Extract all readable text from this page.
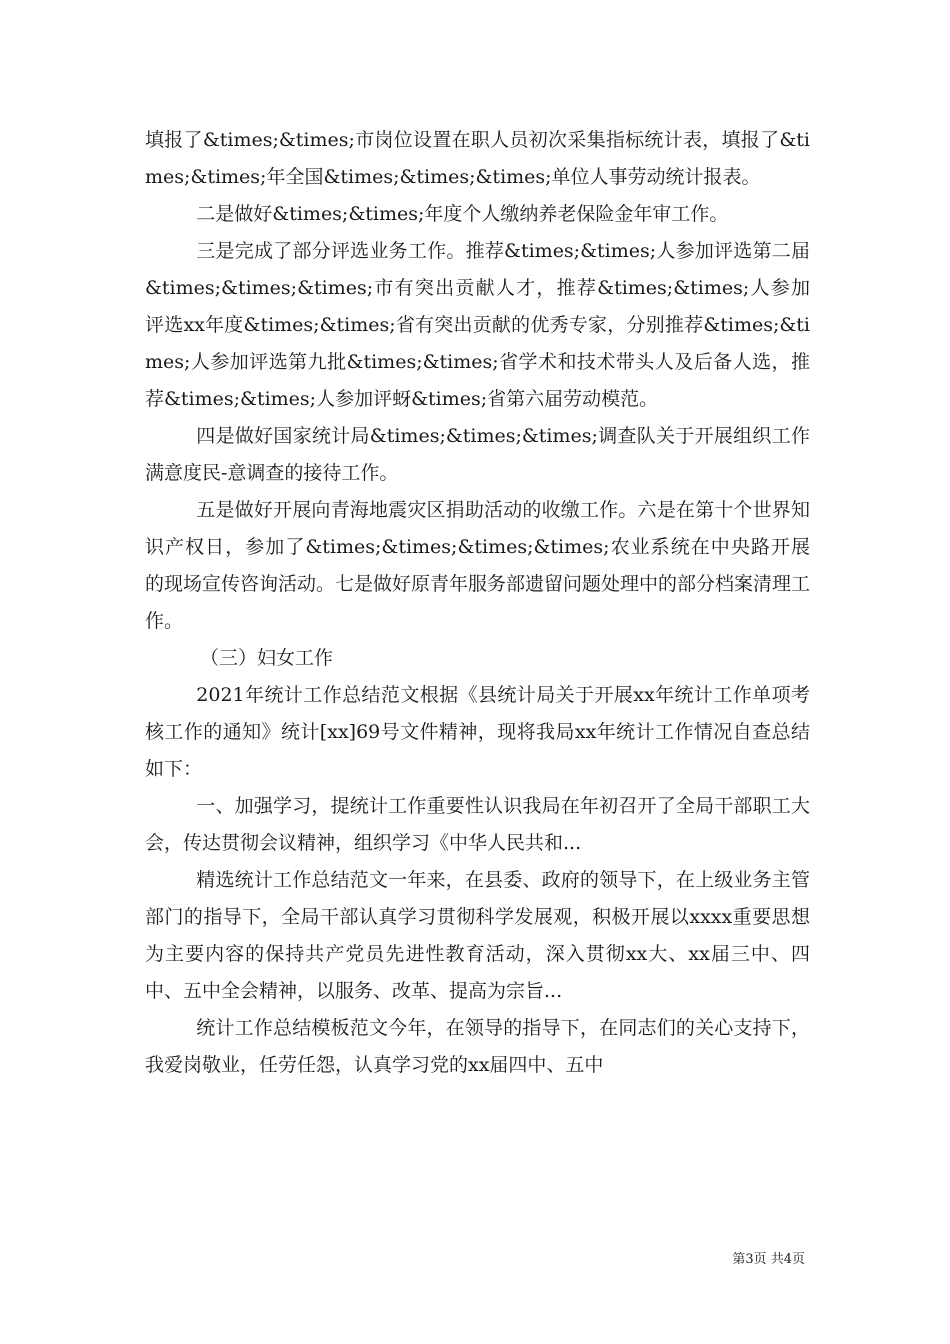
填报了&times;&times;市岗位设置在职人员初次采集指标统计表，填报了&times;&times;年全国&times;&times;&times;单位人事劳动统计报表。

二是做好&times;&times;年度个人缴纳养老保险金年审工作。

三是完成了部分评选业务工作。推荐&times;&times;人参加评选第二届&times;&times;&times;市有突出贡献人才，推荐&times;&times;人参加评选xx年度&times;&times;省有突出贡献的优秀专家，分别推荐&times;&times;人参加评选第九批&times;&times;省学术和技术带头人及后备人选，推荐&times;&times;人参加评蚜&times;省第六届劳动模范。

四是做好国家统计局&times;&times;&times;调查队关于开展组织工作满意度民-意调查的接待工作。

五是做好开展向青海地震灾区捐助活动的收缴工作。六是在第十个世界知识产权日，参加了&times;&times;&times;&times;农业系统在中央路开展的现场宣传咨询活动。七是做好原青年服务部遗留问题处理中的部分档案清理工作。

（三）妇女工作

2021年统计工作总结范文根据《县统计局关于开展xx年统计工作单项考核工作的通知》统计[xx]69号文件精神，现将我局xx年统计工作情况自查总结如下：

一、加强学习，提统计工作重要性认识我局在年初召开了全局干部职工大会，传达贯彻会议精神，组织学习《中华人民共和...

精选统计工作总结范文一年来，在县委、政府的领导下，在上级业务主管部门的指导下，全局干部认真学习贯彻科学发展观，积极开展以xxxx重要思想为主要内容的保持共产党员先进性教育活动，深入贯彻xx大、xx届三中、四中、五中全会精神，以服务、改革、提高为宗旨...

统计工作总结模板范文今年，在领导的指导下，在同志们的关心支持下，我爱岗敬业，任劳任怨，认真学习党的xx届四中、五中

第3页 共4页
